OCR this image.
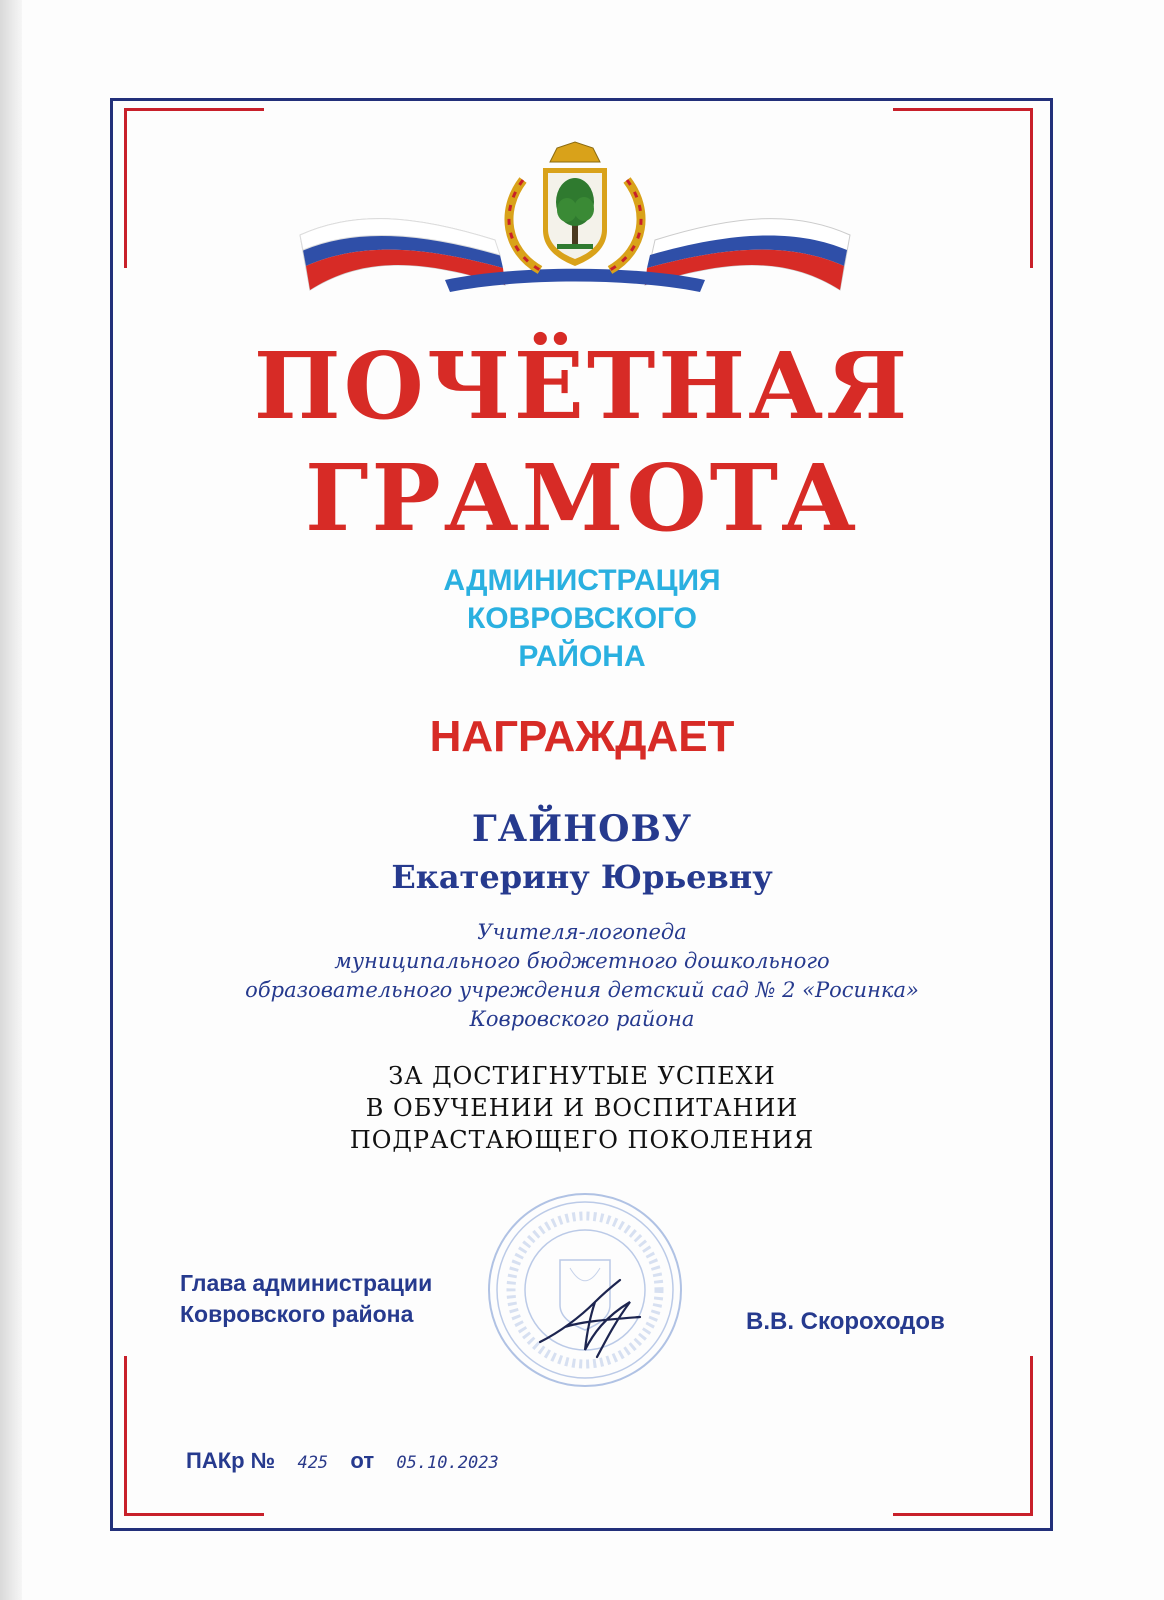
ПОЧЁТНАЯ
ГРАМОТА
АДМИНИСТРАЦИЯ
КОВРОВСКОГО
РАЙОНА
НАГРАЖДАЕТ
ГАЙНОВУ
Екатерину Юрьевну
Учителя-логопеда
муниципального бюджетного дошкольного
образовательного учреждения детский сад № 2 «Росинка»
Ковровского района
ЗА ДОСТИГНУТЫЕ УСПЕХИ
В ОБУЧЕНИИ И ВОСПИТАНИИ
ПОДРАСТАЮЩЕГО ПОКОЛЕНИЯ
Глава администрации
Ковровского района	В.В. Скороходов
ПАКр № 425 от 05.10.2023
